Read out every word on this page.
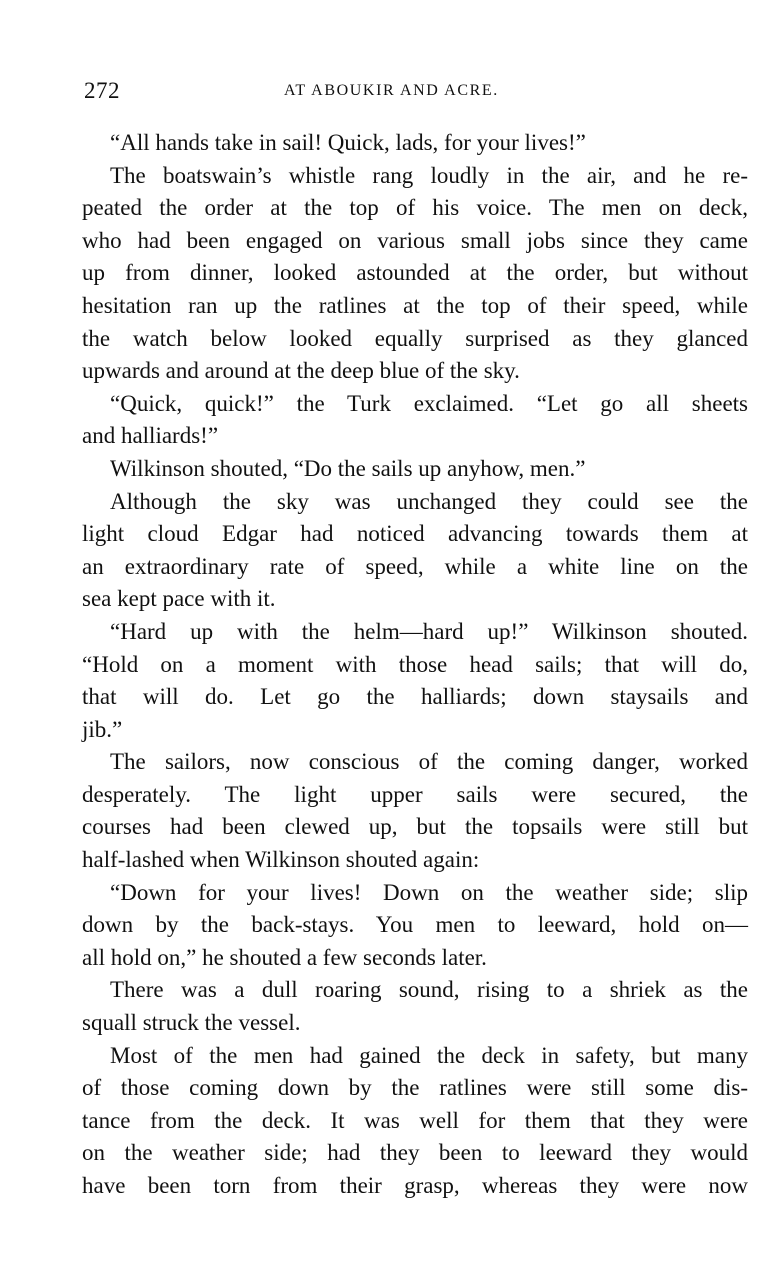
272	AT ABOUKIR AND ACRE.
“All hands take in sail! Quick, lads, for your lives!”
The boatswain’s whistle rang loudly in the air, and he re-
peated the order at the top of his voice. The men on deck,
who had been engaged on various small jobs since they came
up from dinner, looked astounded at the order, but without
hesitation ran up the ratlines at the top of their speed, while
the watch below looked equally surprised as they glanced
upwards and around at the deep blue of the sky.
“Quick, quick!” the Turk exclaimed. “Let go all sheets
and halliards!”
Wilkinson shouted, “Do the sails up anyhow, men.”
Although the sky was unchanged they could see the
light cloud Edgar had noticed advancing towards them at
an extraordinary rate of speed, while a white line on the
sea kept pace with it.
“Hard up with the helm—hard up!” Wilkinson shouted.
“Hold on a moment with those head sails; that will do,
that will do. Let go the halliards; down staysails and
jib.”
The sailors, now conscious of the coming danger, worked
desperately. The light upper sails were secured, the
courses had been clewed up, but the topsails were still but
half-lashed when Wilkinson shouted again:
“Down for your lives! Down on the weather side; slip
down by the back-stays. You men to leeward, hold on—
all hold on,” he shouted a few seconds later.
There was a dull roaring sound, rising to a shriek as the
squall struck the vessel.
Most of the men had gained the deck in safety, but many
of those coming down by the ratlines were still some dis-
tance from the deck. It was well for them that they were
on the weather side; had they been to leeward they would
have been torn from their grasp, whereas they were now
